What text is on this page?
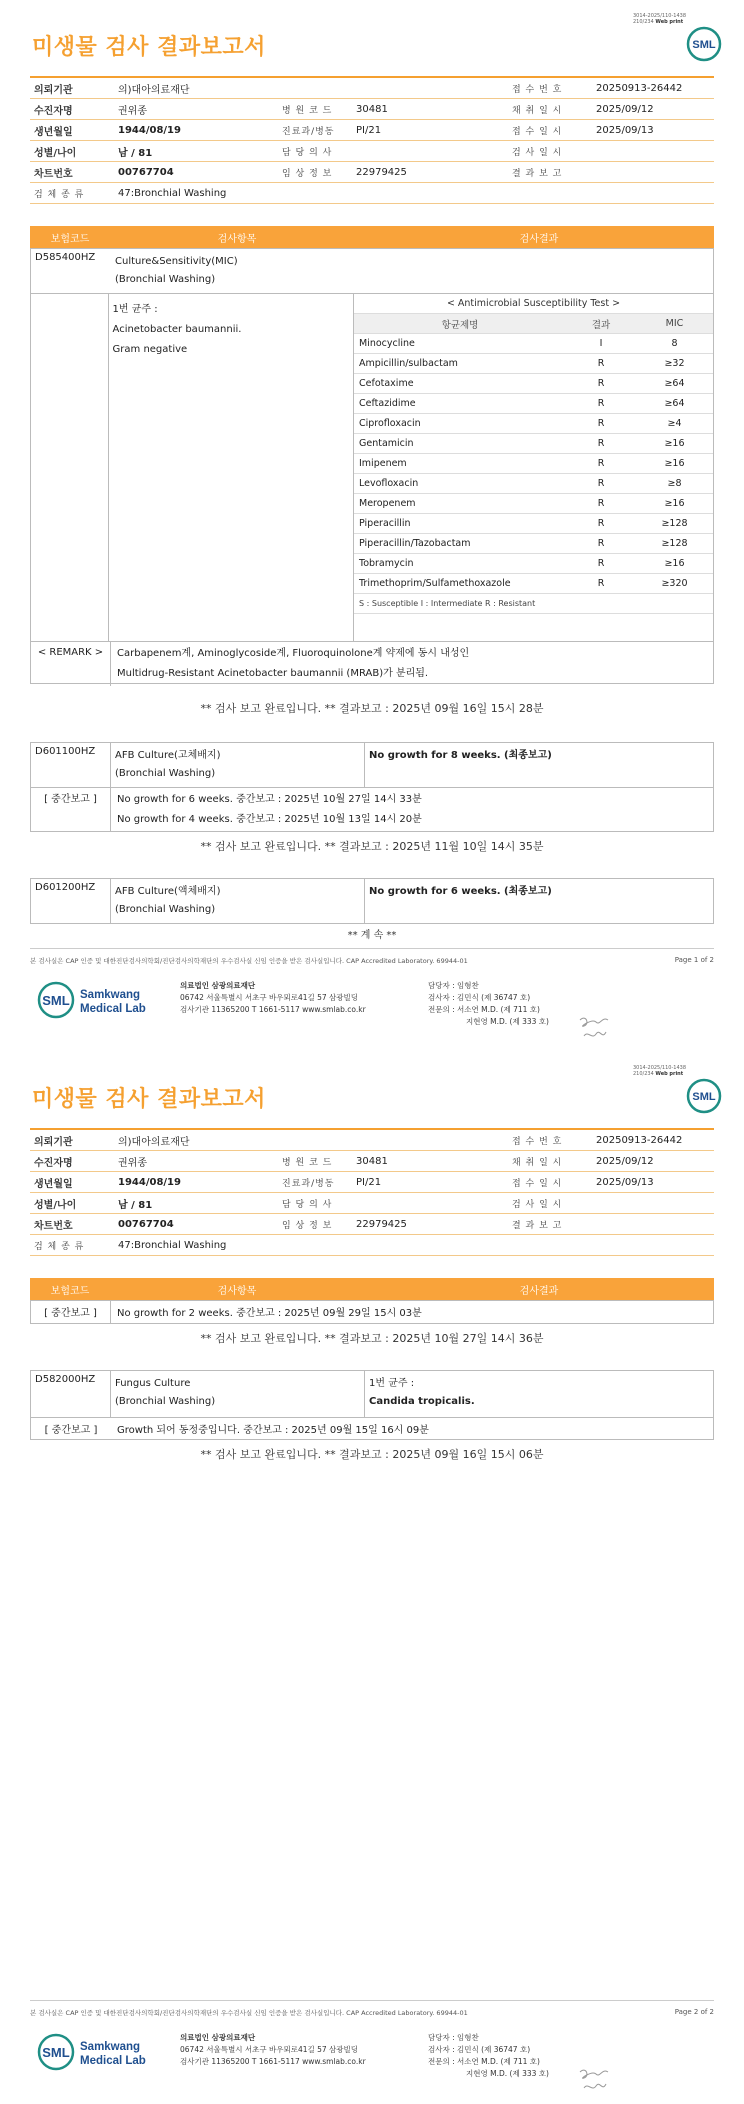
3014-2025/110-1438
210/234 Web print
SML
미생물 검사 결과보고서
의뢰기관	의)대아의료재단			접 수 번 호	20250913-26442
수진자명	권위종	병 원 코 드	30481	채 취 일 시	2025/09/12
생년월일	1944/08/19	진료과/병동	PI/21	접 수 일 시	2025/09/13
성별/나이	남 / 81	담 당 의 사		검 사 일 시	
차트번호	00767704	임 상 정 보	22979425	결 과 보 고	
검 체 종 류	47:Bronchial Washing				
보험코드	검사항목	검사결과
D585400HZ	Culture&Sensitivity(MIC)
(Bronchial Washing)
1번 균주 :
Acinetobacter baumannii.
Gram negative
< Antimicrobial Susceptibility Test >		
항균제명	결과	MIC
Minocycline	I	8
Ampicillin/sulbactam	R	≥32
Cefotaxime	R	≥64
Ceftazidime	R	≥64
Ciprofloxacin	R	≥4
Gentamicin	R	≥16
Imipenem	R	≥16
Levofloxacin	R	≥8
Meropenem	R	≥16
Piperacillin	R	≥128
Piperacillin/Tazobactam	R	≥128
Tobramycin	R	≥16
Trimethoprim/Sulfamethoxazole	R	≥320
S : Susceptible I : Intermediate R : Resistant		
< REMARK >	Carbapenem계, Aminoglycoside계, Fluoroquinolone계 약제에 동시 내성인
Multidrug-Resistant Acinetobacter baumannii (MRAB)가 분리됨.
** 검사 보고 완료입니다. ** 결과보고 : 2025년 09월 16일 15시 28분
D601100HZ	AFB Culture(고체배지)
(Bronchial Washing)
No growth for 8 weeks. (최종보고)
[ 중간보고 ]	No growth for 6 weeks. 중간보고 : 2025년 10월 27일 14시 33분
No growth for 4 weeks. 중간보고 : 2025년 10월 13일 14시 20분
** 검사 보고 완료입니다. ** 결과보고 : 2025년 11월 10일 14시 35분
D601200HZ	AFB Culture(액체배지)
(Bronchial Washing)
No growth for 6 weeks. (최종보고)
** 계 속 **
본 검사실은 CAP 인증 및 대한진단검사의학회/진단검사의학재단의 우수검사실 신임 인증을 받은 검사실입니다. CAP Accredited Laboratory. 69944-01	Page 1 of 2
SML Samkwang
Medical Lab
의료법인 삼광의료재단
06742 서울특별시 서초구 바우뫼로41길 57 삼광빌딩
검사기관 11365200 T 1661-5117 www.smlab.co.kr
담당자 : 임형찬
검사자 : 김민식 (제 36747 호)
전문의 : 서소연 M.D. (제 711 호)
지현영 M.D. (제 333 호)
3014-2025/110-1438
210/234 Web print
SML
미생물 검사 결과보고서
의뢰기관	의)대아의료재단			접 수 번 호	20250913-26442
수진자명	권위종	병 원 코 드	30481	채 취 일 시	2025/09/12
생년월일	1944/08/19	진료과/병동	PI/21	접 수 일 시	2025/09/13
성별/나이	남 / 81	담 당 의 사		검 사 일 시	
차트번호	00767704	임 상 정 보	22979425	결 과 보 고	
검 체 종 류	47:Bronchial Washing				
보험코드	검사항목	검사결과
[ 중간보고 ]	No growth for 2 weeks. 중간보고 : 2025년 09월 29일 15시 03분
** 검사 보고 완료입니다. ** 결과보고 : 2025년 10월 27일 14시 36분
D582000HZ	Fungus Culture
(Bronchial Washing)
1번 균주 :
Candida tropicalis.
[ 중간보고 ]	Growth 되어 동정중입니다. 중간보고 : 2025년 09월 15일 16시 09분
** 검사 보고 완료입니다. ** 결과보고 : 2025년 09월 16일 15시 06분
본 검사실은 CAP 인증 및 대한진단검사의학회/진단검사의학재단의 우수검사실 신임 인증을 받은 검사실입니다. CAP Accredited Laboratory. 69944-01	Page 2 of 2
SML Samkwang
Medical Lab
의료법인 삼광의료재단
06742 서울특별시 서초구 바우뫼로41길 57 삼광빌딩
검사기관 11365200 T 1661-5117 www.smlab.co.kr
담당자 : 임형찬
검사자 : 김민식 (제 36747 호)
전문의 : 서소연 M.D. (제 711 호)
지현영 M.D. (제 333 호)
